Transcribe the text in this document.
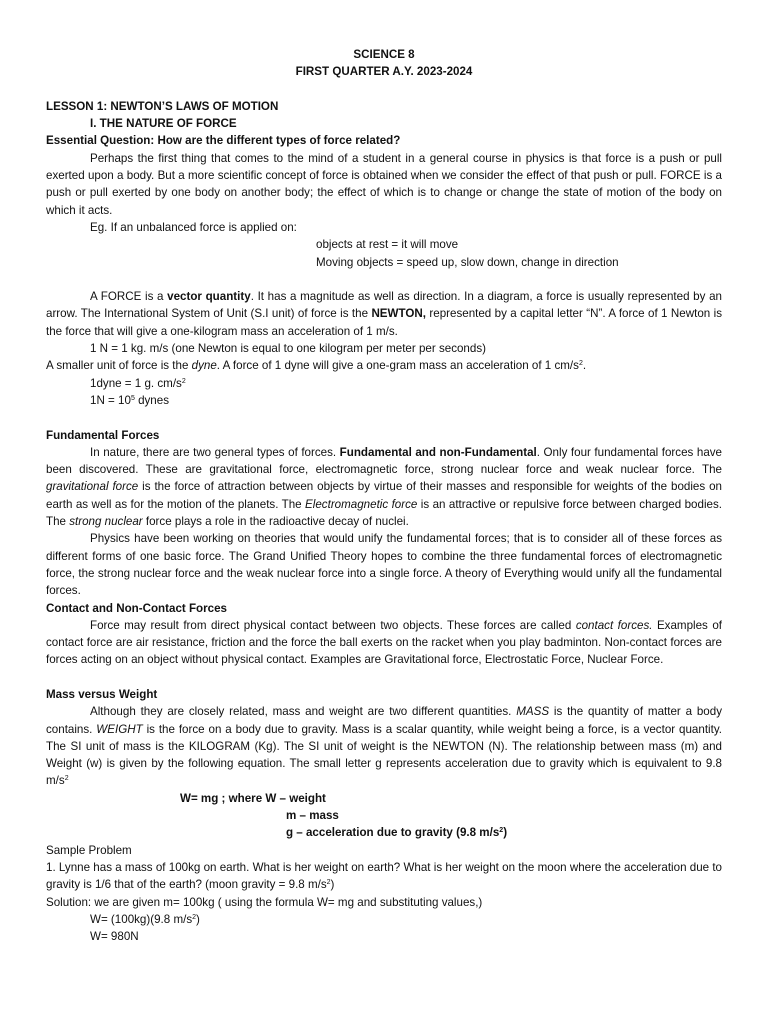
SCIENCE 8
FIRST QUARTER A.Y. 2023-2024
LESSON 1: NEWTON’S LAWS OF MOTION
I. THE NATURE OF FORCE
Essential Question: How are the different types of force related?
Perhaps the first thing that comes to the mind of a student in a general course in physics is that force is a push or pull exerted upon a body. But a more scientific concept of force is obtained when we consider the effect of that push or pull. FORCE is a push or pull exerted by one body on another body; the effect of which is to change or change the state of motion of the body on which it acts.
Eg. If an unbalanced force is applied on:
objects at rest = it will move
Moving objects = speed up, slow down, change in direction
A FORCE is a vector quantity. It has a magnitude as well as direction. In a diagram, a force is usually represented by an arrow. The International System of Unit (S.I unit) of force is the NEWTON, represented by a capital letter “N”. A force of 1 Newton is the force that will give a one-kilogram mass an acceleration of 1 m/s.
1 N = 1 kg. m/s (one Newton is equal to one kilogram per meter per seconds)
A smaller unit of force is the dyne. A force of 1 dyne will give a one-gram mass an acceleration of 1 $cm/s^2$.
1dyne = 1 g. $cm/s^2$
$1N = 10^5$ dynes
Fundamental Forces
In nature, there are two general types of forces. Fundamental and non-Fundamental. Only four fundamental forces have been discovered. These are gravitational force, electromagnetic force, strong nuclear force and weak nuclear force. The gravitational force is the force of attraction between objects by virtue of their masses and responsible for weights of the bodies on earth as well as for the motion of the planets. The Electromagnetic force is an attractive or repulsive force between charged bodies. The strong nuclear force plays a role in the radioactive decay of nuclei.
Physics have been working on theories that would unify the fundamental forces; that is to consider all of these forces as different forms of one basic force. The Grand Unified Theory hopes to combine the three fundamental forces of electromagnetic force, the strong nuclear force and the weak nuclear force into a single force. A theory of Everything would unify all the fundamental forces.
Contact and Non-Contact Forces
Force may result from direct physical contact between two objects. These forces are called contact forces. Examples of contact force are air resistance, friction and the force the ball exerts on the racket when you play badminton. Non-contact forces are forces acting on an object without physical contact. Examples are Gravitational force, Electrostatic Force, Nuclear Force.
Mass versus Weight
Although they are closely related, mass and weight are two different quantities. MASS is the quantity of matter a body contains. WEIGHT is the force on a body due to gravity. Mass is a scalar quantity, while weight being a force, is a vector quantity. The SI unit of mass is the KILOGRAM (Kg). The SI unit of weight is the NEWTON (N). The relationship between mass (m) and Weight (w) is given by the following equation. The small letter g represents acceleration due to gravity which is equivalent to 9.8 $m/s^2$
W= mg ; where W – weight
m – mass
g – acceleration due to gravity (9.8 $m/s^2$)
Sample Problem
1. Lynne has a mass of 100kg on earth. What is her weight on earth? What is her weight on the moon where the acceleration due to gravity is 1/6 that of the earth? (moon gravity = 9.8 $m/s^2$)
Solution: we are given m= 100kg ( using the formula W= mg and substituting values,)
W= (100kg)(9.8 $m/s^2$)
W= 980N
